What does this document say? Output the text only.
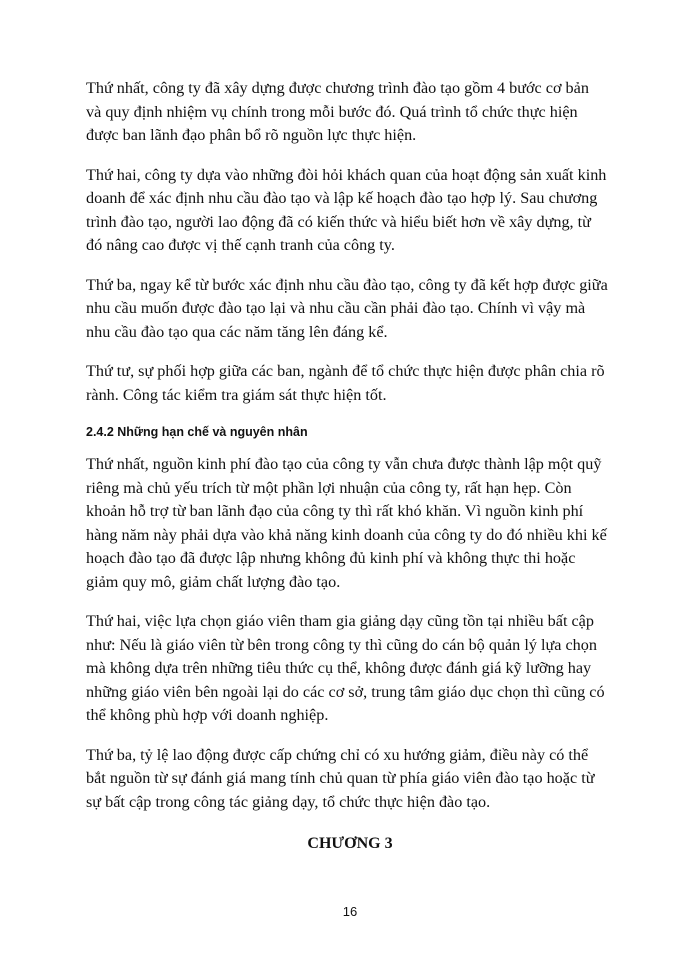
Thứ nhất, công ty đã xây dựng được chương trình đào tạo gồm 4 bước cơ bản
và quy định nhiệm vụ chính trong mỗi bước đó. Quá trình tổ chức thực hiện
được ban lãnh đạo phân bổ rõ nguồn lực thực hiện.

Thứ hai, công ty dựa vào những đòi hỏi khách quan của hoạt động sản xuất kinh
doanh để xác định nhu cầu đào tạo và lập kế hoạch đào tạo hợp lý. Sau chương
trình đào tạo, người lao động đã có kiến thức và hiểu biết hơn về xây dựng, từ
đó nâng cao được vị thế cạnh tranh của công ty.

Thứ ba, ngay kể từ bước xác định nhu cầu đào tạo, công ty đã kết hợp được giữa
nhu cầu muốn được đào tạo lại và nhu cầu cần phải đào tạo. Chính vì vậy mà
nhu cầu đào tạo qua các năm tăng lên đáng kể.

Thứ tư, sự phối hợp giữa các ban, ngành để tổ chức thực hiện được phân chia rõ
rành. Công tác kiểm tra giám sát thực hiện tốt.

2.4.2 Những hạn chế và nguyên nhân

Thứ nhất, nguồn kinh phí đào tạo của công ty vẫn chưa được thành lập một quỹ
riêng mà chủ yếu trích từ một phần lợi nhuận của công ty, rất hạn hẹp. Còn
khoản hỗ trợ từ ban lãnh đạo của công ty thì rất khó khăn. Vì nguồn kinh phí
hàng năm này phải dựa vào khả năng kinh doanh của công ty do đó nhiều khi kế
hoạch đào tạo đã được lập nhưng không đủ kinh phí và không thực thi hoặc
giảm quy mô, giảm chất lượng đào tạo.

Thứ hai, việc lựa chọn giáo viên tham gia giảng dạy cũng tồn tại nhiều bất cập
như: Nếu là giáo viên từ bên trong công ty thì cũng do cán bộ quản lý lựa chọn
mà không dựa trên những tiêu thức cụ thể, không được đánh giá kỹ lưỡng hay
những giáo viên bên ngoài lại do các cơ sở, trung tâm giáo dục chọn thì cũng có
thể không phù hợp với doanh nghiệp.

Thứ ba, tỷ lệ lao động được cấp chứng chỉ có xu hướng giảm, điều này có thể
bắt nguồn từ sự đánh giá mang tính chủ quan từ phía giáo viên đào tạo hoặc từ
sự bất cập trong công tác giảng dạy, tổ chức thực hiện đào tạo.

CHƯƠNG 3
16
